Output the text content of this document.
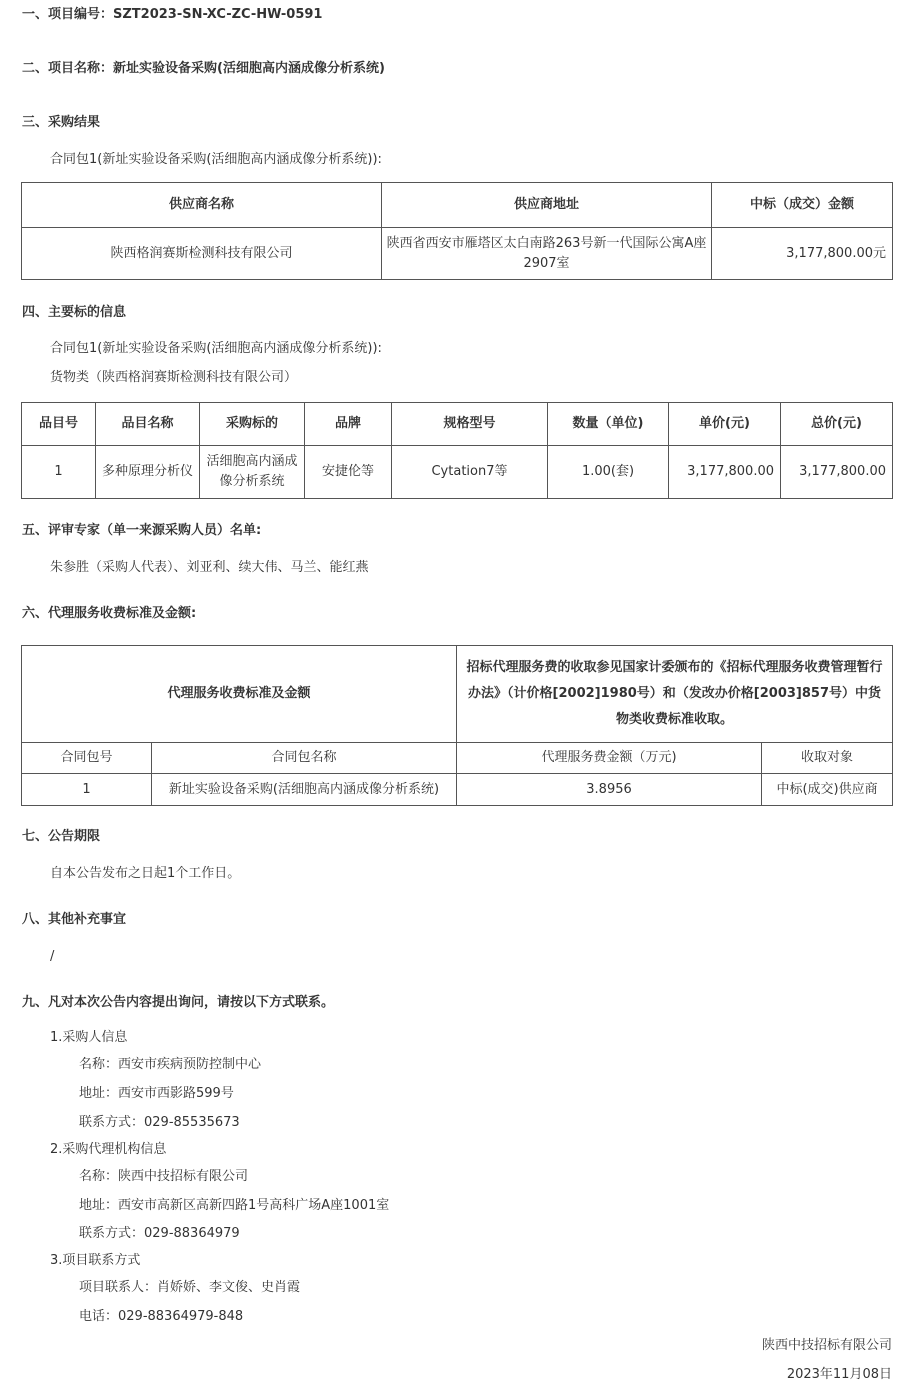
一、项目编号：SZT2023-SN-XC-ZC-HW-0591
二、项目名称：新址实验设备采购(活细胞高内涵成像分析系统)
三、采购结果
合同包1(新址实验设备采购(活细胞高内涵成像分析系统)):
供应商名称	供应商地址	中标（成交）金额
陕西格润赛斯检测科技有限公司	陕西省西安市雁塔区太白南路263号新一代国际公寓A座2907室	3,177,800.00元
四、主要标的信息
合同包1(新址实验设备采购(活细胞高内涵成像分析系统)):
货物类（陕西格润赛斯检测科技有限公司）
品目号	品目名称	采购标的	品牌	规格型号	数量（单位)	单价(元)	总价(元)
1	多种原理分析仪	活细胞高内涵成像分析系统	安捷伦等	Cytation7等	1.00(套)	3,177,800.00	3,177,800.00
五、评审专家（单一来源采购人员）名单:
朱参胜（采购人代表）、刘亚利、续大伟、马兰、能红燕
六、代理服务收费标准及金额:
代理服务收费标准及金额		招标代理服务费的收取参见国家计委颁布的《招标代理服务收费管理暂行办法》（计价格[2002]1980号）和（发改办价格[2003]857号）中货物类收费标准收取。	
合同包号	合同包名称	代理服务费金额（万元)	收取对象
1	新址实验设备采购(活细胞高内涵成像分析系统)	3.8956	中标(成交)供应商
七、公告期限
自本公告发布之日起1个工作日。
八、其他补充事宜
/
九、凡对本次公告内容提出询问，请按以下方式联系。
1.采购人信息
名称：西安市疾病预防控制中心
地址：西安市西影路599号
联系方式：029-85535673
2.采购代理机构信息
名称：陕西中技招标有限公司
地址：西安市高新区高新四路1号高科广场A座1001室
联系方式：029-88364979
3.项目联系方式
项目联系人：肖娇娇、李文俊、史肖霞
电话：029-88364979-848
陕西中技招标有限公司
2023年11月08日
